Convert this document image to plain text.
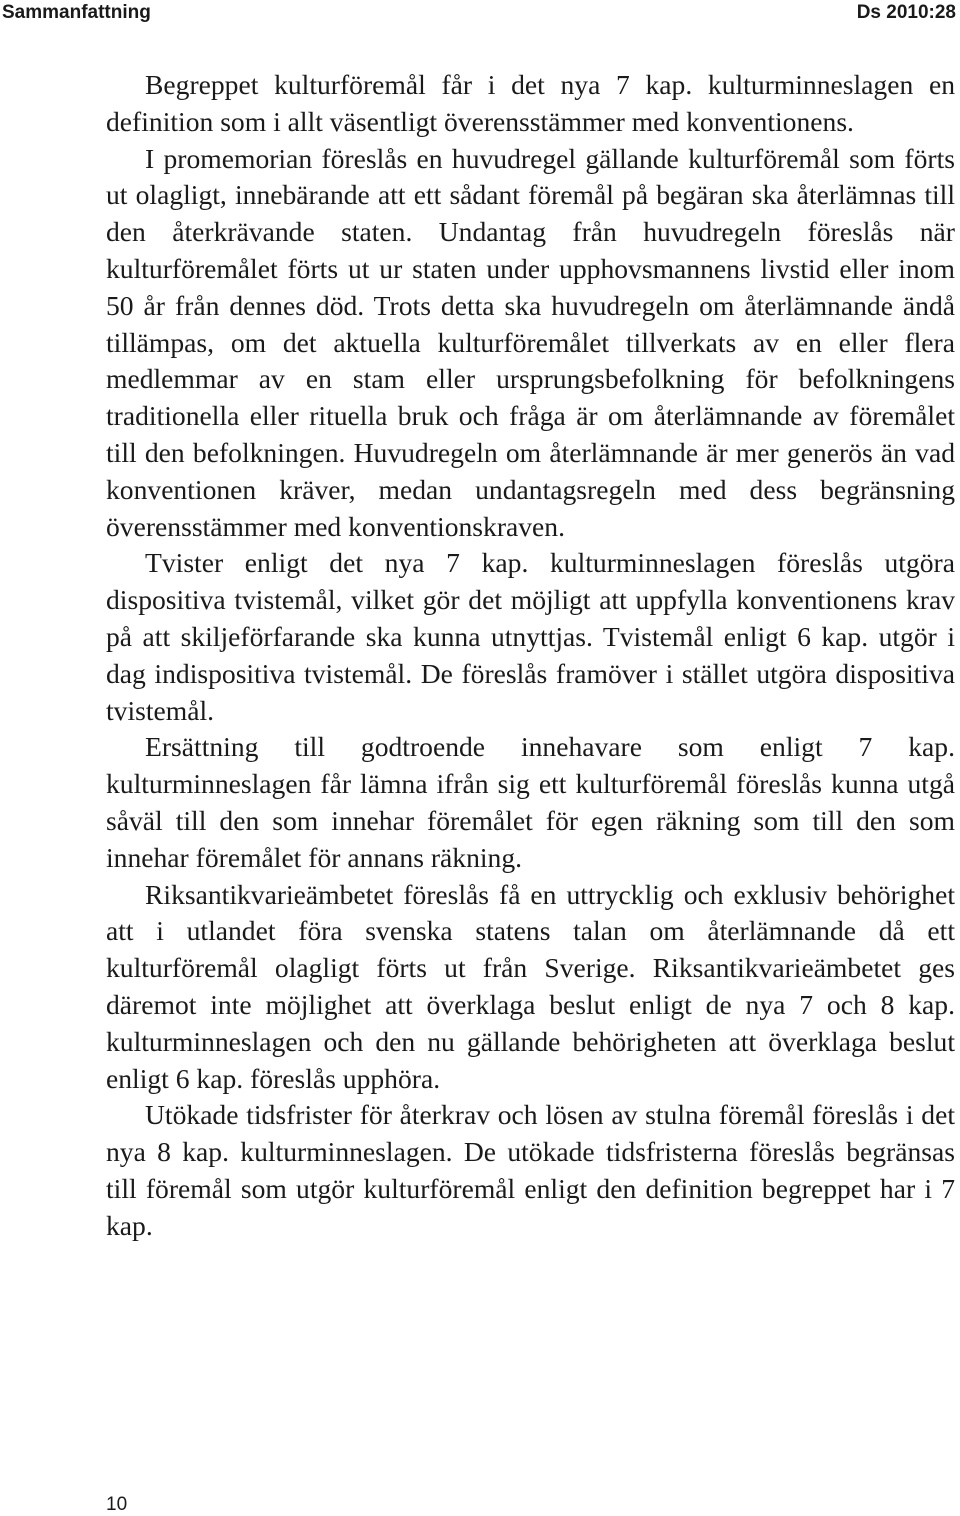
Sammanfattning	Ds 2010:28

Begreppet kulturföremål får i det nya 7 kap. kulturminneslagen en definition som i allt väsentligt överensstämmer med konventionens.

I promemorian föreslås en huvudregel gällande kulturföremål som förts ut olagligt, innebärande att ett sådant föremål på begäran ska återlämnas till den återkrävande staten. Undantag från huvudregeln föreslås när kulturföremålet förts ut ur staten under upphovsmannens livstid eller inom 50 år från dennes död. Trots detta ska huvudregeln om återlämnande ändå tillämpas, om det aktuella kulturföremålet tillverkats av en eller flera medlemmar av en stam eller ursprungsbefolkning för befolkningens traditionella eller rituella bruk och fråga är om återlämnande av föremålet till den befolkningen. Huvudregeln om återlämnande är mer generös än vad konventionen kräver, medan undantagsregeln med dess begränsning överensstämmer med konventionskraven.

Tvister enligt det nya 7 kap. kulturminneslagen föreslås utgöra dispositiva tvistemål, vilket gör det möjligt att uppfylla konventionens krav på att skiljeförfarande ska kunna utnyttjas. Tvistemål enligt 6 kap. utgör i dag indispositiva tvistemål. De föreslås framöver i stället utgöra dispositiva tvistemål.

Ersättning till godtroende innehavare som enligt 7 kap. kulturminneslagen får lämna ifrån sig ett kulturföremål föreslås kunna utgå såväl till den som innehar föremålet för egen räkning som till den som innehar föremålet för annans räkning.

Riksantikvarieämbetet föreslås få en uttrycklig och exklusiv behörighet att i utlandet föra svenska statens talan om återlämnande då ett kulturföremål olagligt förts ut från Sverige. Riksantikvarieämbetet ges däremot inte möjlighet att överklaga beslut enligt de nya 7 och 8 kap. kulturminneslagen och den nu gällande behörigheten att överklaga beslut enligt 6 kap. föreslås upphöra.

Utökade tidsfrister för återkrav och lösen av stulna föremål föreslås i det nya 8 kap. kulturminneslagen. De utökade tidsfristerna föreslås begränsas till föremål som utgör kulturföremål enligt den definition begreppet har i 7 kap.

10
